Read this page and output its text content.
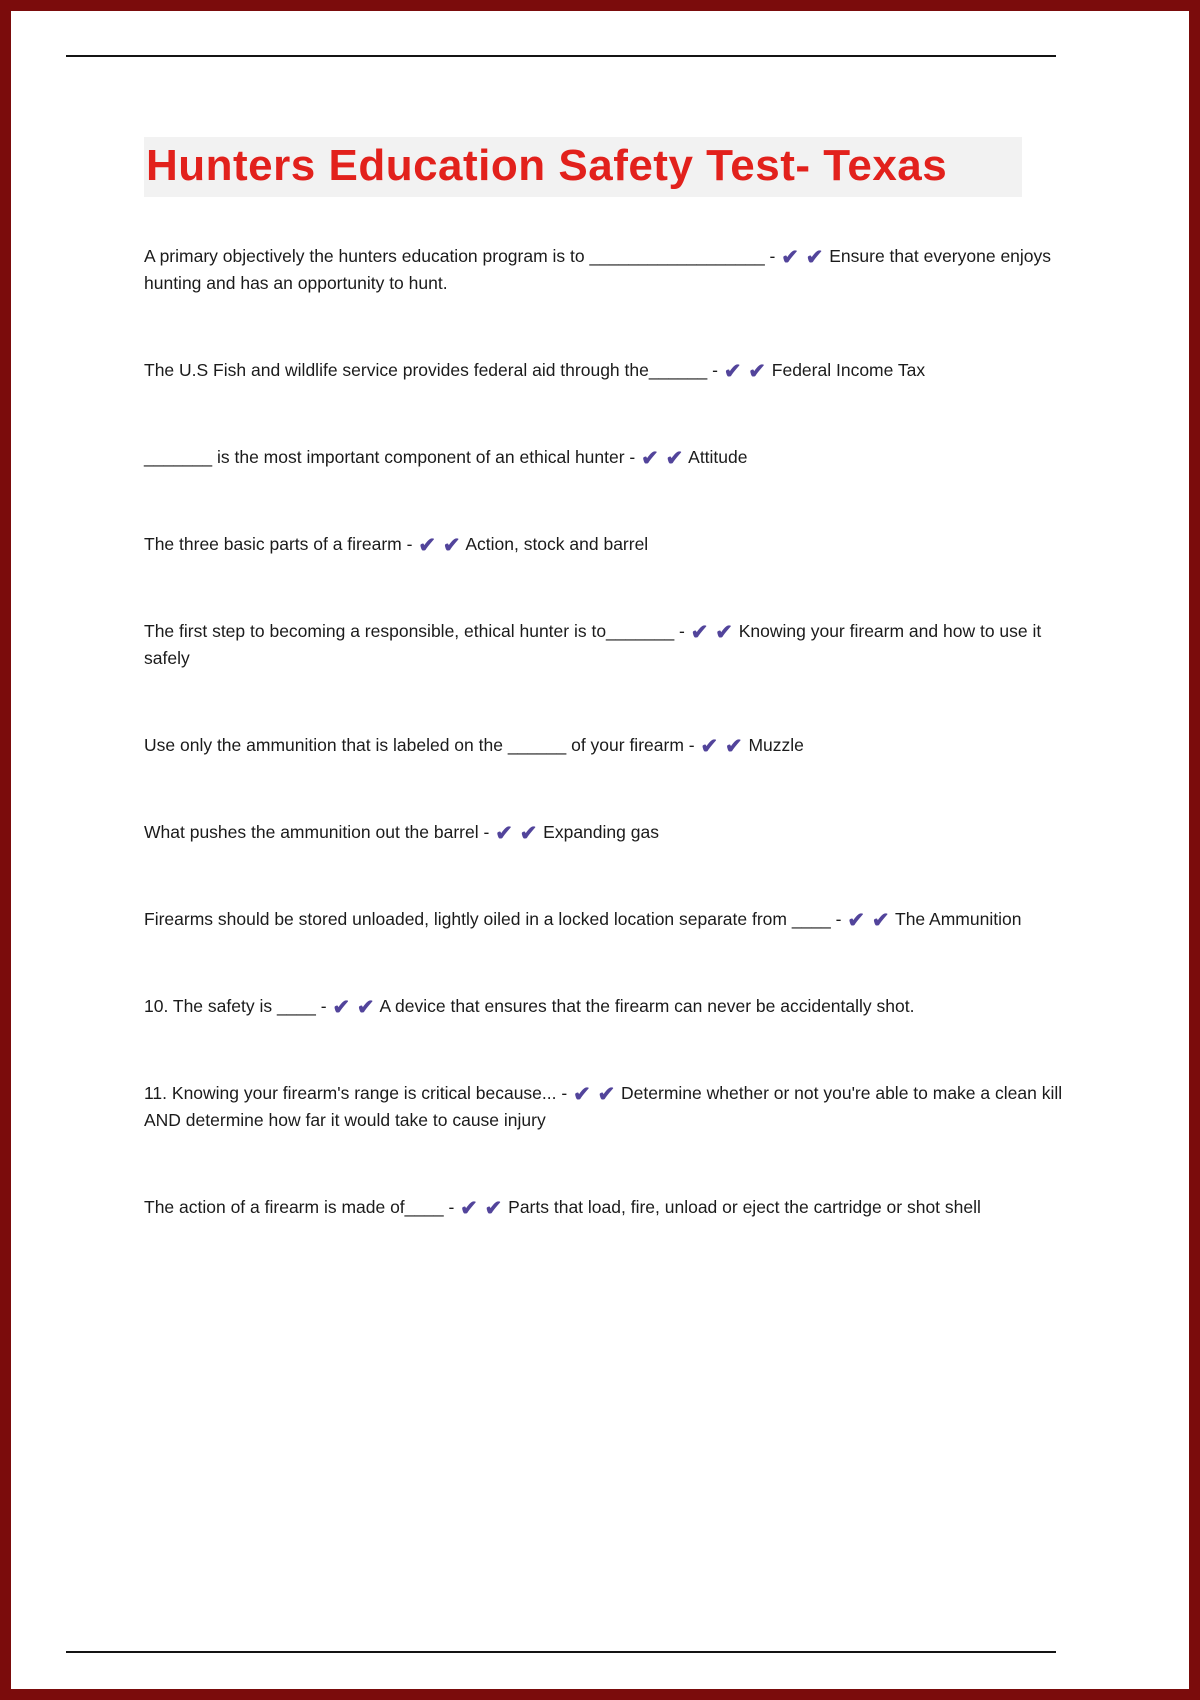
Hunters Education Safety Test- Texas

A primary objectively the hunters education program is to __________________ - ✔ ✔ Ensure that everyone enjoys hunting and has an opportunity to hunt.

The U.S Fish and wildlife service provides federal aid through the______ - ✔ ✔ Federal Income Tax

_______ is the most important component of an ethical hunter - ✔ ✔ Attitude

The three basic parts of a firearm - ✔ ✔ Action, stock and barrel

The first step to becoming a responsible, ethical hunter is to_______ - ✔ ✔ Knowing your firearm and how to use it safely

Use only the ammunition that is labeled on the ______ of your firearm - ✔ ✔ Muzzle

What pushes the ammunition out the barrel - ✔ ✔ Expanding gas

Firearms should be stored unloaded, lightly oiled in a locked location separate from ____ - ✔ ✔ The Ammunition

10. The safety is ____ - ✔ ✔ A device that ensures that the firearm can never be accidentally shot.

11. Knowing your firearm's range is critical because... - ✔ ✔ Determine whether or not you're able to make a clean kill AND determine how far it would take to cause injury

The action of a firearm is made of____ - ✔ ✔ Parts that load, fire, unload or eject the cartridge or shot shell
